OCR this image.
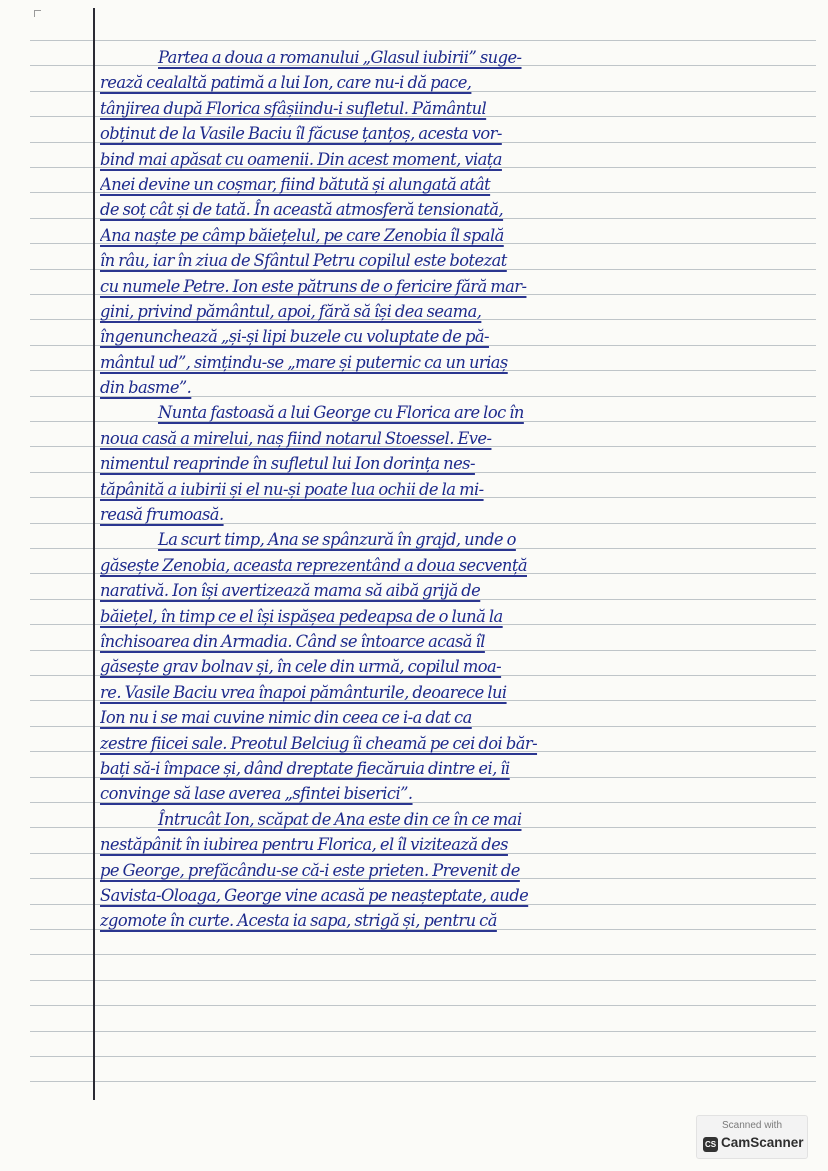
Partea a doua a romanului „Glasul iubirii” suge-
rează cealaltă patimă a lui Ion, care nu-i dă pace,
tânjirea după Florica sfâșiindu-i sufletul. Pământul
obținut de la Vasile Baciu îl făcuse țanțoș, acesta vor-
bind mai apăsat cu oamenii. Din acest moment, viața
Anei devine un coșmar, fiind bătută și alungată atât
de soț cât și de tată. În această atmosferă tensionată,
Ana naște pe câmp băiețelul, pe care Zenobia îl spală
în râu, iar în ziua de Sfântul Petru copilul este botezat
cu numele Petre. Ion este pătruns de o fericire fără mar-
gini, privind pământul, apoi, fără să își dea seama,
îngenunchează „și-și lipi buzele cu voluptate de pă-
mântul ud”, simțindu-se „mare și puternic ca un uriaș
din basme”.
Nunta fastoasă a lui George cu Florica are loc în
noua casă a mirelui, naș fiind notarul Stoessel. Eve-
nimentul reaprinde în sufletul lui Ion dorința nes-
tăpânită a iubirii și el nu-și poate lua ochii de la mi-
reasă frumoasă.
La scurt timp, Ana se spânzură în grajd, unde o
găsește Zenobia, aceasta reprezentând a doua secvență
narativă. Ion își avertizează mama să aibă grijă de
băiețel, în timp ce el își ispășea pedeapsa de o lună la
închisoarea din Armadia. Când se întoarce acasă îl
găsește grav bolnav și, în cele din urmă, copilul moa-
re. Vasile Baciu vrea înapoi pământurile, deoarece lui
Ion nu i se mai cuvine nimic din ceea ce i-a dat ca
zestre fiicei sale. Preotul Belciug îi cheamă pe cei doi băr-
bați să-i împace și, dând dreptate fiecăruia dintre ei, îi
convinge să lase averea „sfintei biserici”.
Întrucât Ion, scăpat de Ana este din ce în ce mai
nestăpânit în iubirea pentru Florica, el îl vizitează des
pe George, prefăcându-se că-i este prieten. Prevenit de
Savista-Oloaga, George vine acasă pe neașteptate, aude
zgomote în curte. Acesta ia sapa, strigă și, pentru că
Scanned with
CS CamScanner
